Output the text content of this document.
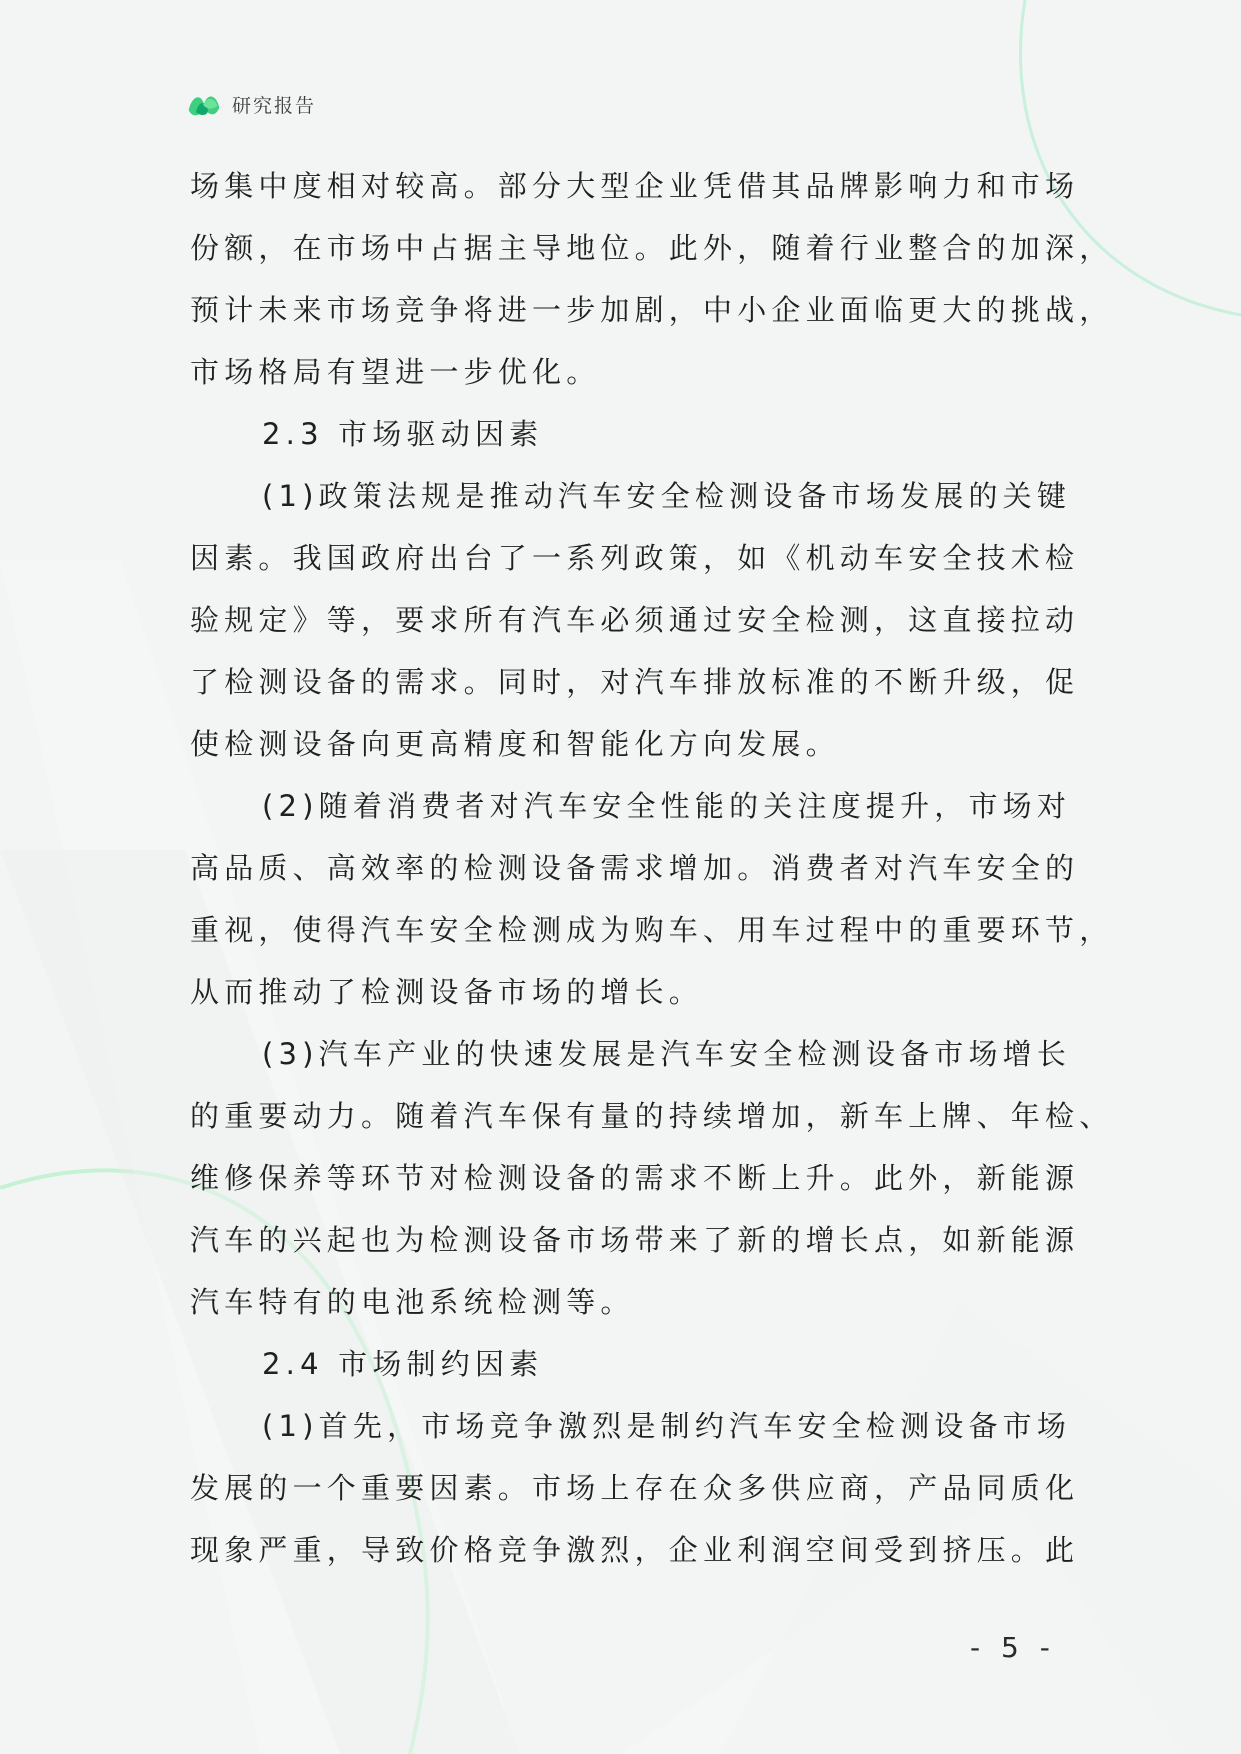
研究报告
场集中度相对较高。部分大型企业凭借其品牌影响力和市场
份额，在市场中占据主导地位。此外，随着行业整合的加深，
预计未来市场竞争将进一步加剧，中小企业面临更大的挑战，
市场格局有望进一步优化。
2.3 市场驱动因素
(1)政策法规是推动汽车安全检测设备市场发展的关键
因素。我国政府出台了一系列政策，如《机动车安全技术检
验规定》等，要求所有汽车必须通过安全检测，这直接拉动
了检测设备的需求。同时，对汽车排放标准的不断升级，促
使检测设备向更高精度和智能化方向发展。
(2)随着消费者对汽车安全性能的关注度提升，市场对
高品质、高效率的检测设备需求增加。消费者对汽车安全的
重视，使得汽车安全检测成为购车、用车过程中的重要环节，
从而推动了检测设备市场的增长。
(3)汽车产业的快速发展是汽车安全检测设备市场增长
的重要动力。随着汽车保有量的持续增加，新车上牌、年检、
维修保养等环节对检测设备的需求不断上升。此外，新能源
汽车的兴起也为检测设备市场带来了新的增长点，如新能源
汽车特有的电池系统检测等。
2.4 市场制约因素
(1)首先，市场竞争激烈是制约汽车安全检测设备市场
发展的一个重要因素。市场上存在众多供应商，产品同质化
现象严重，导致价格竞争激烈，企业利润空间受到挤压。此
- 5 -
